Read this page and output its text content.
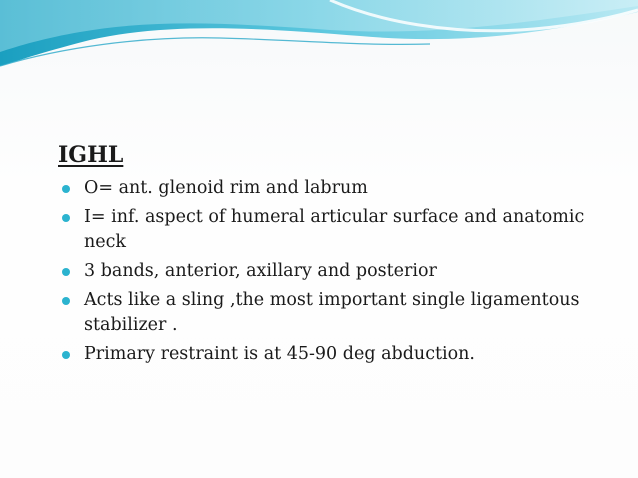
IGHL
O= ant. glenoid rim and labrum
I= inf. aspect of humeral articular surface and anatomic neck
3 bands, anterior, axillary and posterior
Acts like a sling ,the most important single ligamentous stabilizer .
Primary restraint is at 45-90 deg abduction.
